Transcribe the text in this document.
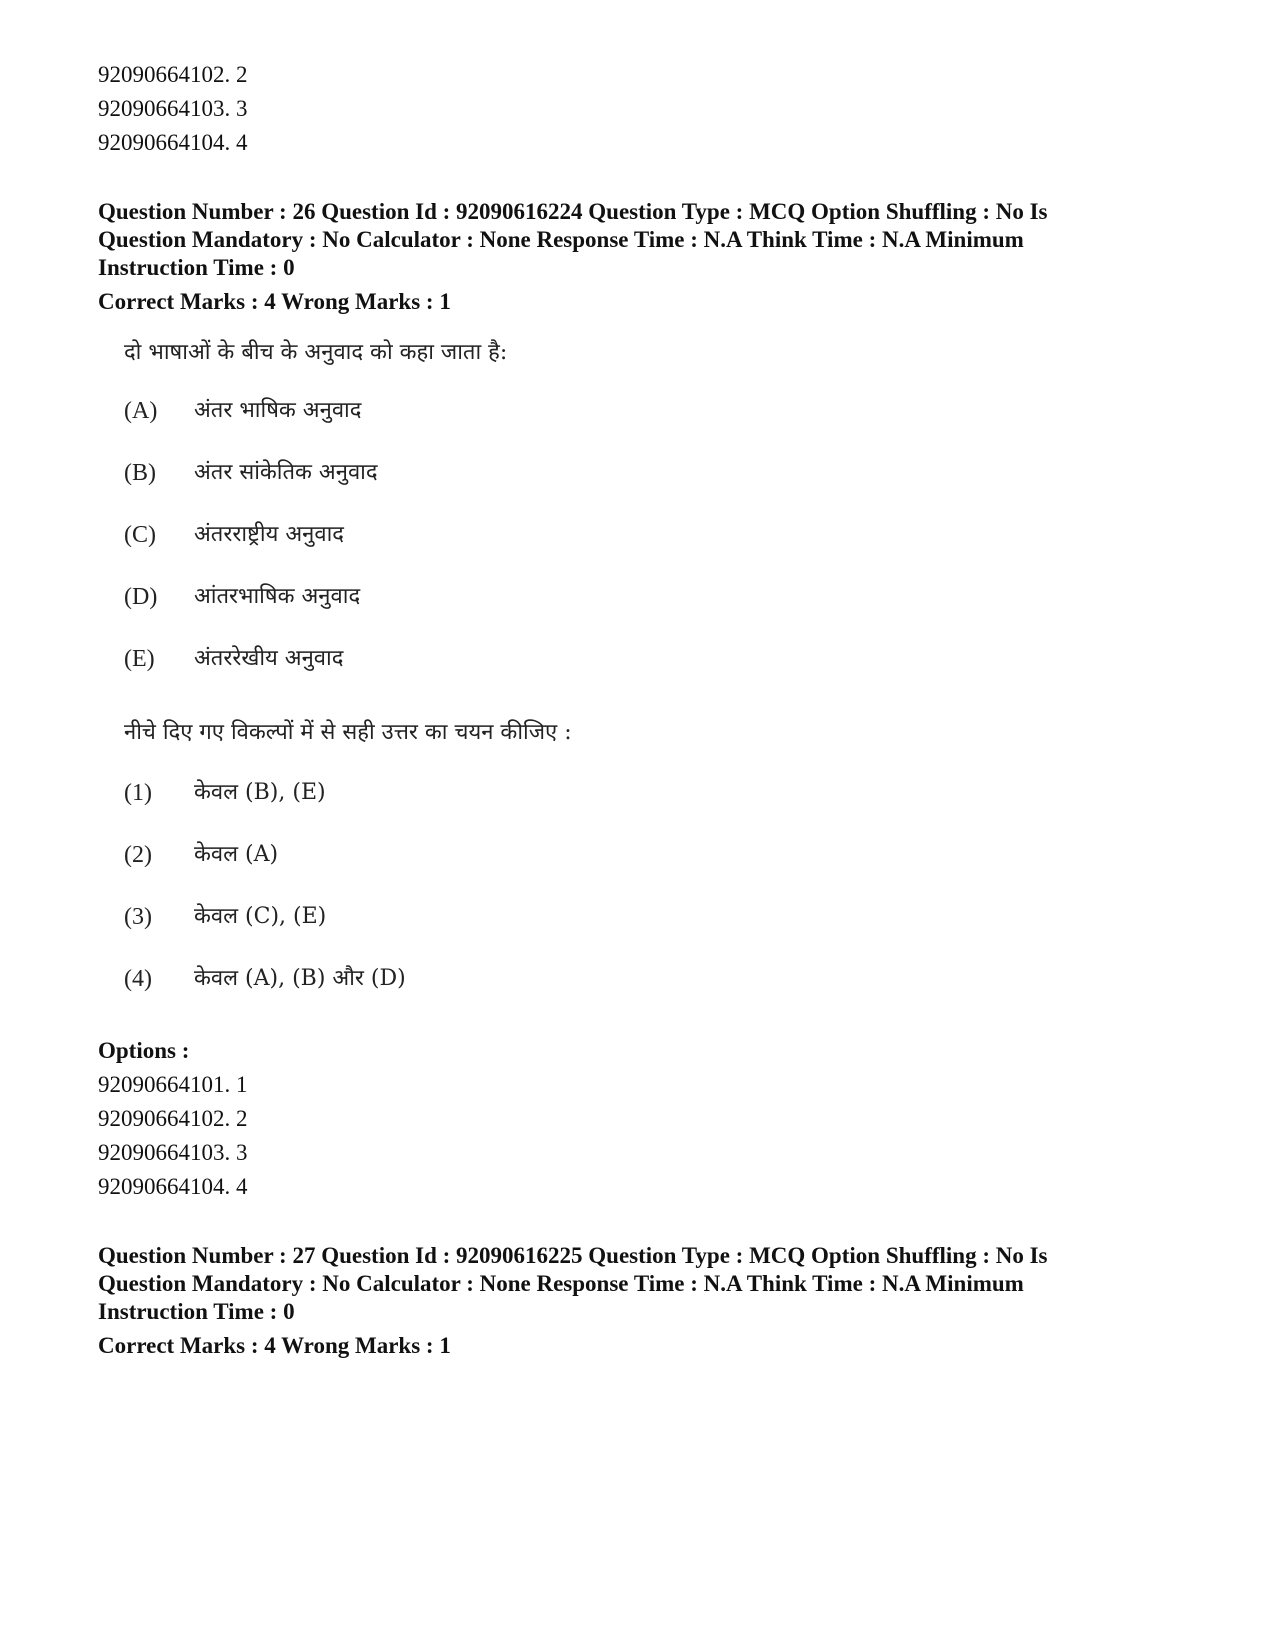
92090664102. 2
92090664103. 3
92090664104. 4
Question Number : 26 Question Id : 92090616224 Question Type : MCQ Option Shuffling : No Is
Question Mandatory : No Calculator : None Response Time : N.A Think Time : N.A Minimum
Instruction Time : 0
Correct Marks : 4 Wrong Marks : 1
दो भाषाओं के बीच के अनुवाद को कहा जाता है:
(A)	अंतर भाषिक अनुवाद
(B)	अंतर सांकेतिक अनुवाद
(C)	अंतरराष्ट्रीय अनुवाद
(D)	आंतरभाषिक अनुवाद
(E)	अंतररेखीय अनुवाद
नीचे दिए गए विकल्पों में से सही उत्तर का चयन कीजिए :
(1)	केवल (B), (E)
(2)	केवल (A)
(3)	केवल (C), (E)
(4)	केवल (A), (B) और (D)
Options :
92090664101. 1
92090664102. 2
92090664103. 3
92090664104. 4
Question Number : 27 Question Id : 92090616225 Question Type : MCQ Option Shuffling : No Is
Question Mandatory : No Calculator : None Response Time : N.A Think Time : N.A Minimum
Instruction Time : 0
Correct Marks : 4 Wrong Marks : 1
